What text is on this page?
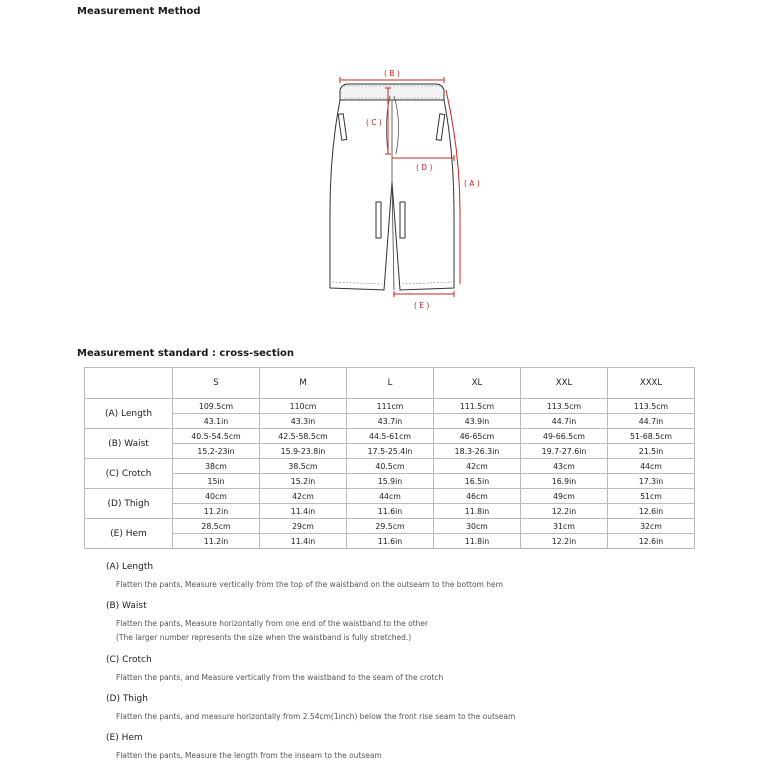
Measurement Method
( B )
( C )
( D )
( A )
( E )
Measurement standard : cross-section
	S	M	L	XL	XXL	XXXL
(A) Length	109.5cm	110cm	111cm	111.5cm	113.5cm	113.5cm
	43.1in	43.3in	43.7in	43.9in	44.7in	44.7in
(B) Waist	40.5-54.5cm	42.5-58.5cm	44.5-61cm	46-65cm	49-66.5cm	51-68.5cm
	15.2-23in	15.9-23.8in	17.5-25.4in	18.3-26.3in	19.7-27.6in	21.5in
(C) Crotch	38cm	38.5cm	40.5cm	42cm	43cm	44cm
	15in	15.2in	15.9in	16.5in	16.9in	17.3in
(D) Thigh	40cm	42cm	44cm	46cm	49cm	51cm
	11.2in	11.4in	11.6in	11.8in	12.2in	12.6in
(E) Hem	28.5cm	29cm	29.5cm	30cm	31cm	32cm
	11.2in	11.4in	11.6in	11.8in	12.2in	12.6in
(A) Length
Flatten the pants, Measure vertically from the top of the waistband on the outseam to the bottom hem
(B) Waist
Flatten the pants, Measure horizontally from one end of the waistband to the other
(The larger number represents the size when the waistband is fully stretched.)
(C) Crotch
Flatten the pants, and Measure vertically from the waistband to the seam of the crotch
(D) Thigh
Flatten the pants, and measure horizontally from 2.54cm(1inch) below the front rise seam to the outseam
(E) Hem
Flatten the pants, Measure the length from the inseam to the outseam
